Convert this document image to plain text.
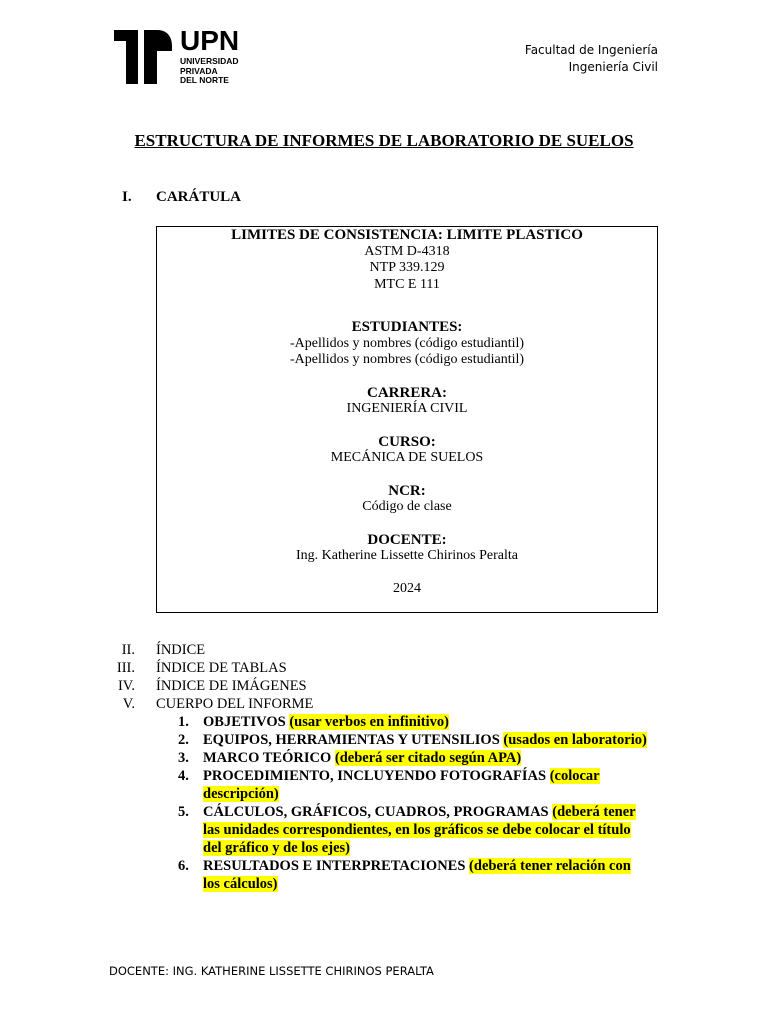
UPN
UNIVERSIDAD
PRIVADA
DEL NORTE
Facultad de Ingeniería
Ingeniería Civil
ESTRUCTURA DE INFORMES DE LABORATORIO DE SUELOS
I. CARÁTULA
LIMITES DE CONSISTENCIA: LIMITE PLASTICO
ASTM D-4318
NTP 339.129
MTC E 111
ESTUDIANTES:
-Apellidos y nombres (código estudiantil)
-Apellidos y nombres (código estudiantil)
CARRERA:
INGENIERÍA CIVIL
CURSO:
MECÁNICA DE SUELOS
NCR:
Código de clase
DOCENTE:
Ing. Katherine Lissette Chirinos Peralta
2024
II.	ÍNDICE
III.	ÍNDICE DE TABLAS
IV.	ÍNDICE DE IMÁGENES
V.	CUERPO DEL INFORME
1. OBJETIVOS (usar verbos en infinitivo)
2. EQUIPOS, HERRAMIENTAS Y UTENSILIOS (usados en laboratorio)
3. MARCO TEÓRICO (deberá ser citado según APA)
4. PROCEDIMIENTO, INCLUYENDO FOTOGRAFÍAS (colocar descripción)
5. CÁLCULOS, GRÁFICOS, CUADROS, PROGRAMAS (deberá tener las unidades correspondientes, en los gráficos se debe colocar el título del gráfico y de los ejes)
6. RESULTADOS E INTERPRETACIONES (deberá tener relación con los cálculos)
DOCENTE: ING. KATHERINE LISSETTE CHIRINOS PERALTA
